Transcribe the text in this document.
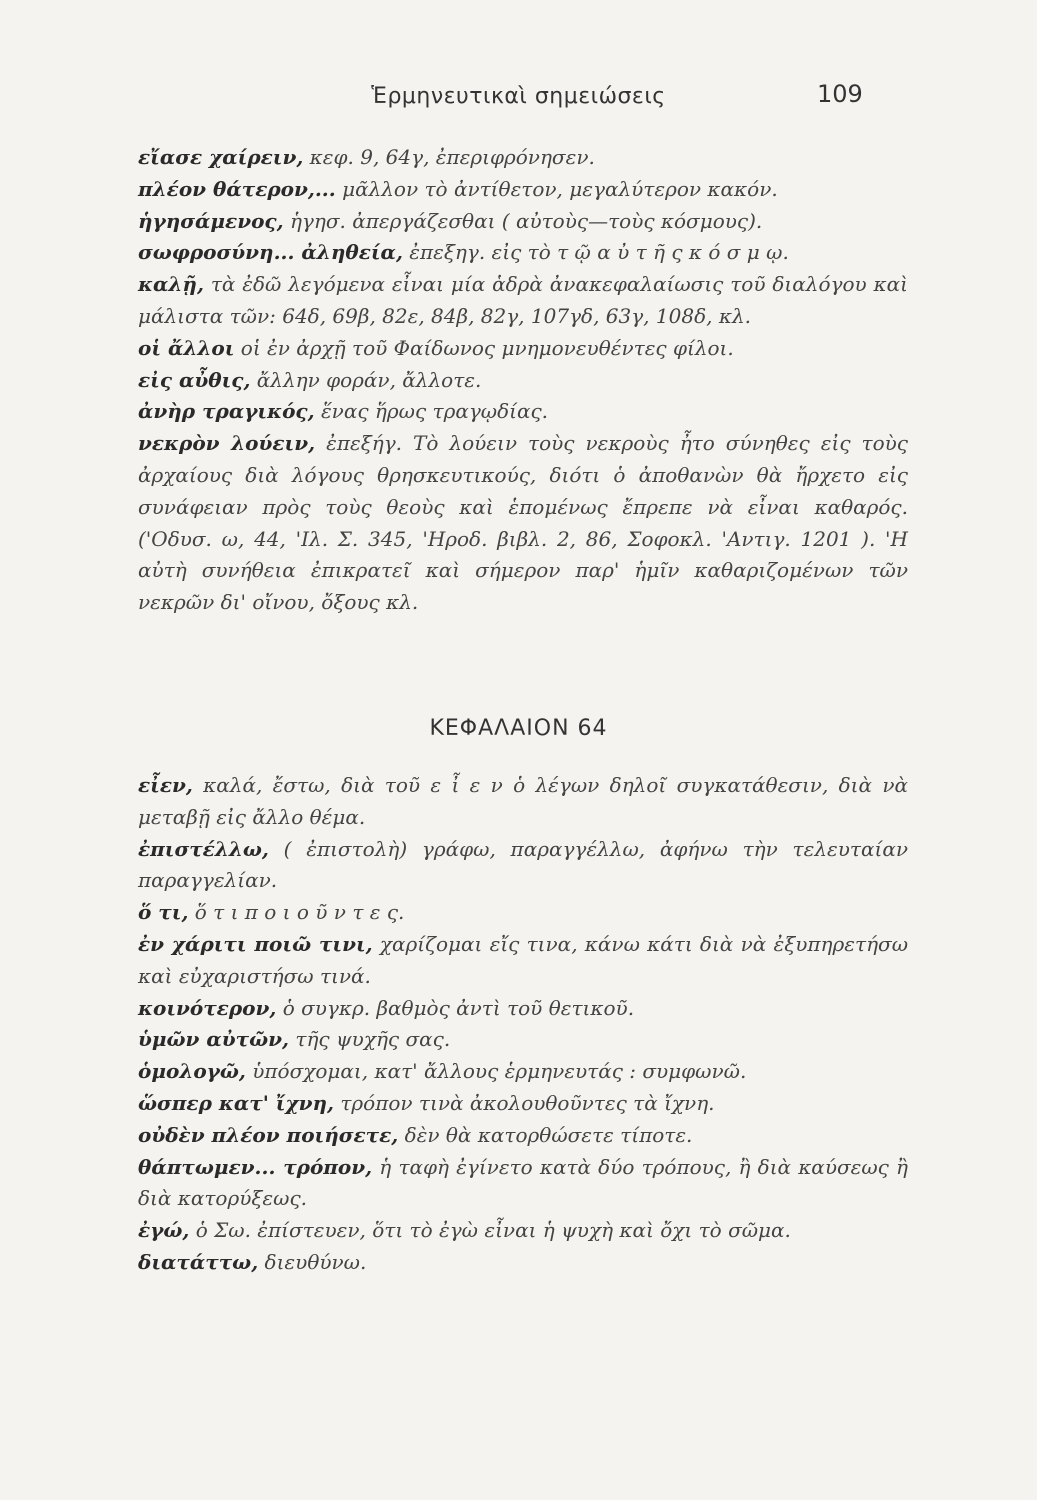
Ἑρμηνευτικαὶ σημειώσεις	109

εἴασε χαίρειν, κεφ. 9, 64γ, ἐπεριφρόνησεν.

πλέον θάτερον,... μᾶλλον τὸ ἀντίθετον, μεγαλύτερον κακόν.

ἡγησάμενος, ἡγησ. ἀπεργάζεσθαι ( αὐτοὺς—τοὺς κόσμους).

σωφροσύνη... ἀληθεία, ἐπεξηγ. εἰς τὸ τ ῷ α ὐ τ ῆ ς κ ό σ μ ῳ.

καλῇ, τὰ ἐδῶ λεγόμενα εἶναι μία ἁδρὰ ἀνακεφαλαίωσις τοῦ διαλόγου καὶ μάλιστα τῶν: 64δ, 69β, 82ε, 84β, 82γ, 107γδ, 63γ, 108δ, κλ.

οἱ ἄλλοι οἱ ἐν ἀρχῇ τοῦ Φαίδωνος μνημονευθέντες φίλοι.

εἰς αὖθις, ἄλλην φοράν, ἄλλοτε.

ἀνὴρ τραγικός, ἕνας ἥρως τραγῳδίας.

νεκρὸν λούειν, ἐπεξήγ. Τὸ λούειν τοὺς νεκροὺς ἦτο σύνηθες εἰς τοὺς ἀρχαίους διὰ λόγους θρησκευτικούς, διότι ὁ ἀποθανὼν θὰ ἤρχετο εἰς συνάφειαν πρὸς τοὺς θεοὺς καὶ ἑπομένως ἔπρεπε νὰ εἶναι καθαρός. ('Οδυσ. ω, 44, 'Ιλ. Σ. 345, 'Ηροδ. βιβλ. 2, 86, Σοφοκλ. 'Αντιγ. 1201 ). 'Η αὐτὴ συνήθεια ἐπικρατεῖ καὶ σήμερον παρ' ἡμῖν καθαριζομένων τῶν νεκρῶν δι' οἴνου, ὄξους κλ.

ΚΕΦΑΛΑΙΟΝ 64

εἶεν, καλά, ἔστω, διὰ τοῦ ε ἶ ε ν ὁ λέγων δηλοῖ συγκατάθεσιν, διὰ νὰ μεταβῇ εἰς ἄλλο θέμα.

ἐπιστέλλω, ( ἐπιστολὴ) γράφω, παραγγέλλω, ἀφήνω τὴν τελευταίαν παραγγελίαν.

ὅ τι, ὅ τ ι π ο ι ο ῦ ν τ ε ς.

ἐν χάριτι ποιῶ τινι, χαρίζομαι εἴς τινα, κάνω κάτι διὰ νὰ ἐξυπηρετήσω καὶ εὐχαριστήσω τινά.

κοινότερον, ὁ συγκρ. βαθμὸς ἀντὶ τοῦ θετικοῦ.

ὑμῶν αὐτῶν, τῆς ψυχῆς σας.

ὁμολογῶ, ὑπόσχομαι, κατ' ἄλλους ἑρμηνευτάς : συμφωνῶ.

ὥσπερ κατ' ἴχνη, τρόπον τινὰ ἀκολουθοῦντες τὰ ἴχνη.

οὐδὲν πλέον ποιήσετε, δὲν θὰ κατορθώσετε τίποτε.

θάπτωμεν... τρόπον, ἡ ταφὴ ἐγίνετο κατὰ δύο τρόπους, ἢ διὰ καύσεως ἢ διὰ κατορύξεως.

ἐγώ, ὁ Σω. ἐπίστευεν, ὅτι τὸ ἐγὼ εἶναι ἡ ψυχὴ καὶ ὄχι τὸ σῶμα.

διατάττω, διευθύνω.
